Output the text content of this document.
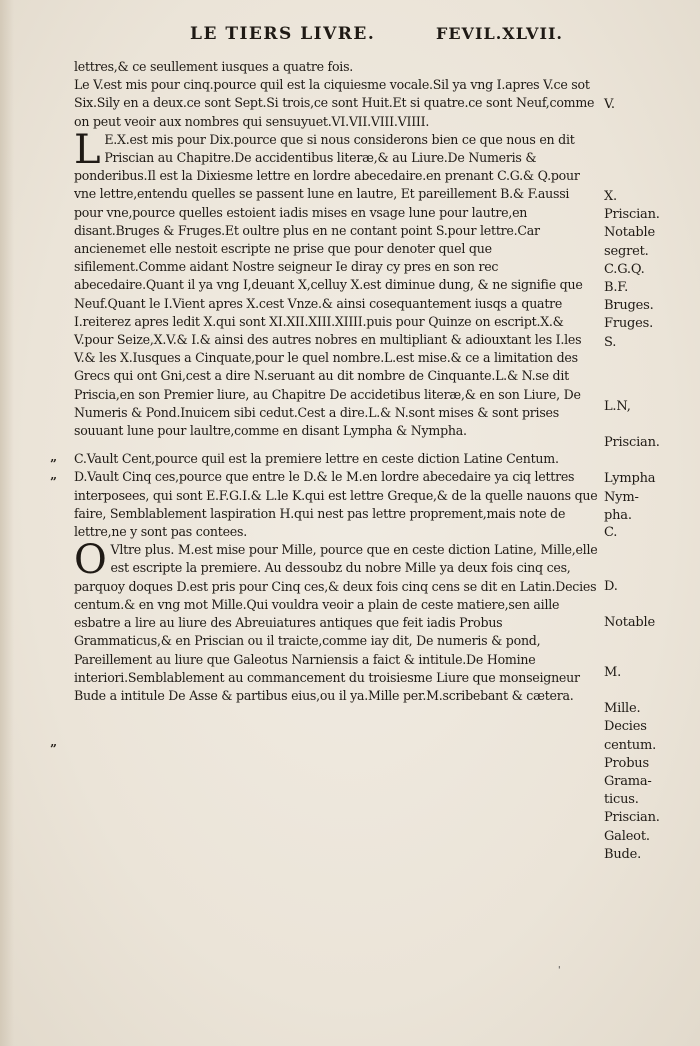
LE TIERS LIVRE.	FEVIL.XLVII.

lettres,& ce seullement iusques a quatre fois.

Le V.est mis pour cinq.pource quil est la ciquiesme vocale.Sil ya vng I.apres V.ce sot Six.Sily en a deux.ce sont Sept.Si trois,ce sont Huit.Et si quatre.ce sont Neuf,comme on peut veoir aux nombres qui sensuyuet.VI.VII.VIII.VIIII.

L E.X.est mis pour Dix.pource que si nous considerons bien ce que nous en dit Priscian au Chapitre.De accidentibus literæ,& au Liure.De Numeris & ponderibus.Il est la Dixiesme lettre en lordre abecedaire.en prenant C.G.& Q.pour vne lettre,entendu quelles se passent lune en lautre, Et pareillement B.& F.aussi pour vne,pource quelles estoient iadis mises en vsage lune pour lautre,en disant.Bruges & Fruges.Et oultre plus en ne contant point S.pour lettre.Car ancienemet elle nestoit escripte ne prise que pour denoter quel que sifilement.Comme aidant Nostre seigneur Ie diray cy pres en son rec abecedaire.Quant il ya vng I,deuant X,celluy X.est diminue dung, & ne signifie que Neuf.Quant le I.Vient apres X.cest Vnze.& ainsi cosequantement iusqs a quatre I.reiterez apres ledit X.qui sont XI.XII.XIII.XIIII.puis pour Quinze on escript.X.& V.pour Seize,X.V.& I.& ainsi des autres nobres en multipliant & adiouxtant les I.les V.& les X.Iusques a Cinquate,pour le quel nombre.L.est mise.& ce a limitation des Grecs qui ont Gni,cest a dire N.seruant au dit nombre de Cinquante.L.& N.se dit Priscia,en son Premier liure, au Chapitre De accidetibus literæ,& en son Liure, De Numeris & Pond.Inuicem sibi cedut.Cest a dire.L.& N.sont mises & sont prises souuant lune pour laultre,comme en disant Lympha & Nympha.

C.Vault Cent,pource quil est la premiere lettre en ceste diction Latine Centum.

D.Vault Cinq ces,pource que entre le D.& le M.en lordre abecedaire ya ciq lettres interposees, qui sont E.F.G.I.& L.le K.qui est lettre Greque,& de la quelle nauons que faire, Semblablement laspiration H.qui nest pas lettre proprement,mais note de lettre,ne y sont pas contees.

O Vltre plus. M.est mise pour Mille, pource que en ceste diction Latine, Mille,elle est escripte la premiere. Au dessoubz du nobre Mille ya deux fois cinq ces, parquoy doques D.est pris pour Cinq ces,& deux fois cinq cens se dit en Latin.Decies centum.& en vng mot Mille.Qui vouldra veoir a plain de ceste matiere,sen aille esbatre a lire au liure des Abreuiatures antiques que feit iadis Probus Grammaticus,& en Priscian ou il traicte,comme iay dit, De numeris & pond, Pareillement au liure que Galeotus Narniensis a faict & intitule.De Homine interiori.Semblablement au commancement du troisiesme Liure que monseigneur Bude a intitule De Asse & partibus eius,ou il ya.Mille per.M.scribebant & cætera.

”
”
”
V.
X.
Priscian.
Notable
segret.
C.G.Q.
B.F.
Bruges.
Fruges.
S.
L.N,
Priscian.
Lympha
Nym-
pha.
C.
D.
Notable
M.
Mille.
Decies
centum.
Probus
Grama-
ticus.
Priscian.
Galeot.
Bude.
'
